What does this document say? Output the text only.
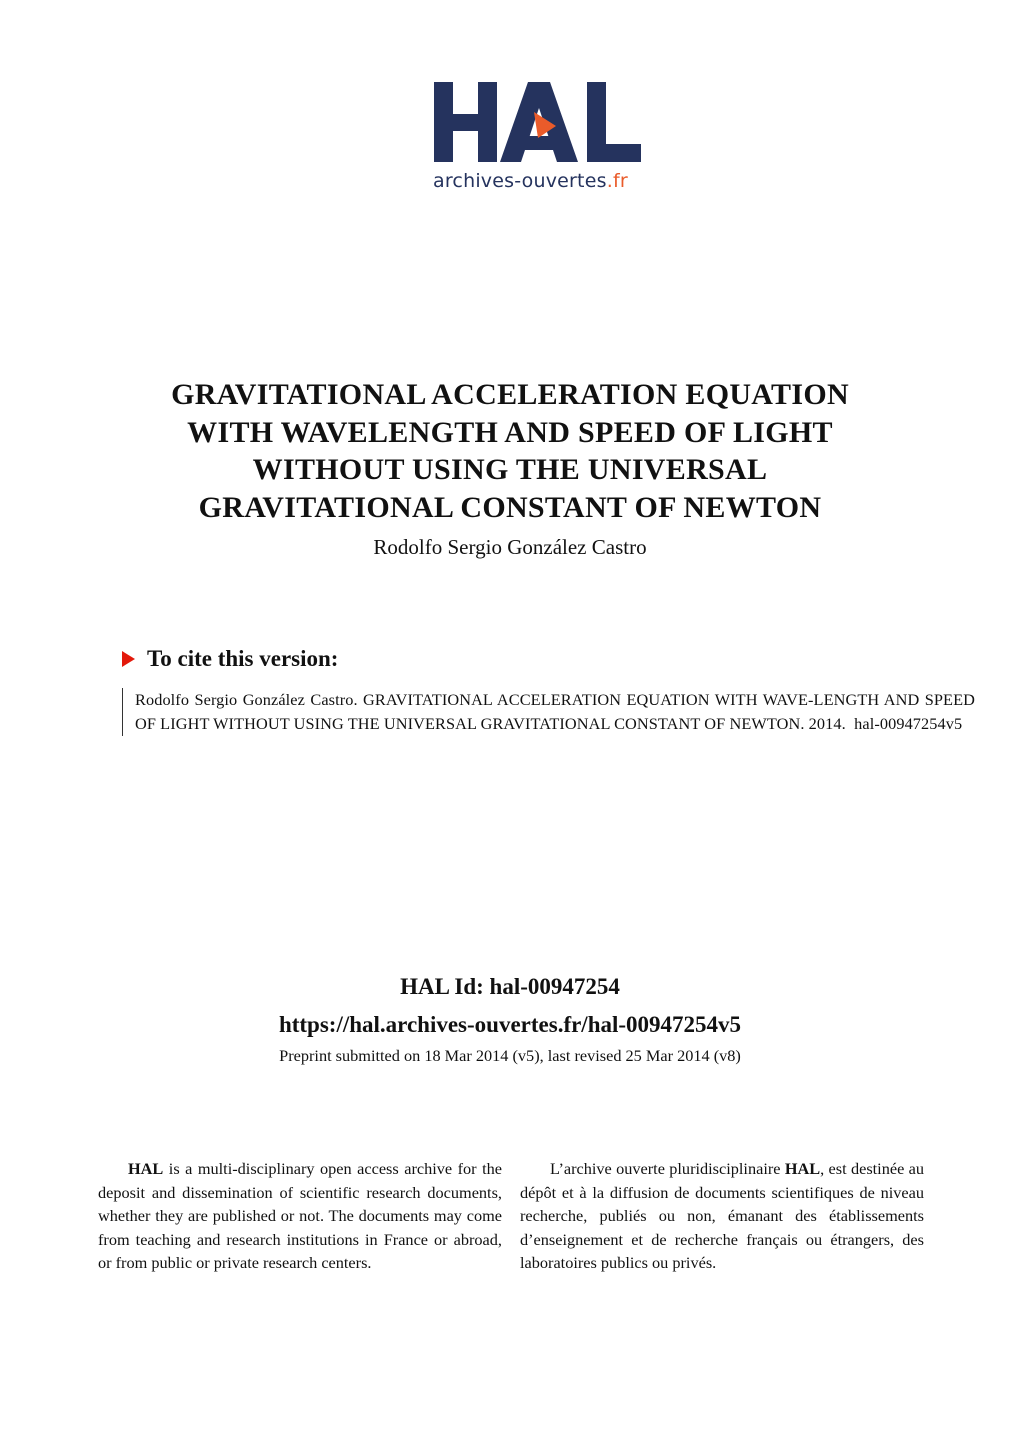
archives-ouvertes.fr
GRAVITATIONAL ACCELERATION EQUATION
WITH WAVELENGTH AND SPEED OF LIGHT
WITHOUT USING THE UNIVERSAL
GRAVITATIONAL CONSTANT OF NEWTON
Rodolfo Sergio González Castro
To cite this version:
Rodolfo Sergio González Castro. GRAVITATIONAL ACCELERATION EQUATION WITH WAVE-LENGTH AND SPEED OF LIGHT WITHOUT USING THE UNIVERSAL GRAVITATIONAL CONSTANT OF NEWTON. 2014.  hal-00947254v5
HAL Id: hal-00947254
https://hal.archives-ouvertes.fr/hal-00947254v5
Preprint submitted on 18 Mar 2014 (v5), last revised 25 Mar 2014 (v8)
HAL is a multi-disciplinary open access archive for the deposit and dissemination of scientific research documents, whether they are published or not. The documents may come from teaching and research institutions in France or abroad, or from public or private research centers.
L’archive ouverte pluridisciplinaire HAL, est destinée au dépôt et à la diffusion de documents scientifiques de niveau recherche, publiés ou non, émanant des établissements d’enseignement et de recherche français ou étrangers, des laboratoires publics ou privés.
